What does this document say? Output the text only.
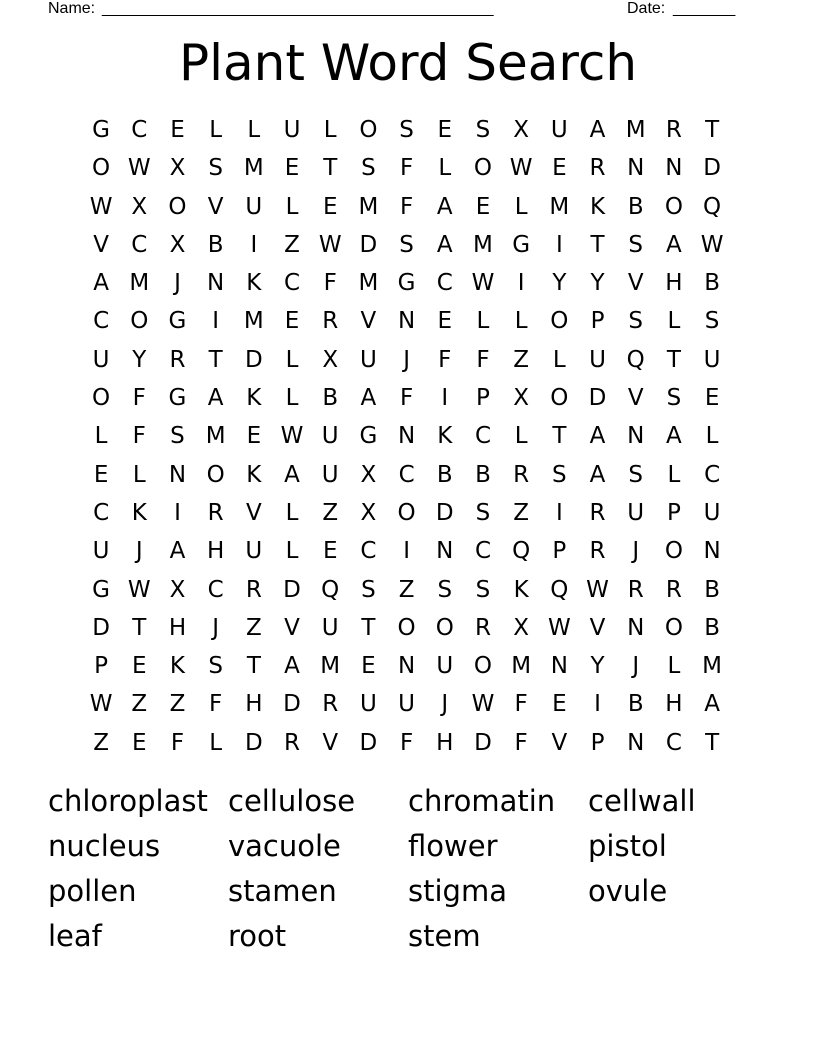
Name: ____________________________________________	Date: _______
Plant Word Search
G C E	L	L	U	L O S	E	S	X U A M R	T
O W X	S M E	T	S	F	L O W E R N N D
W X O V U	L	E M F	A	E	L M K B O Q
V C X B	I	Z W D S	A M G	I	T	S	A W
A M	J	N K C	F M G C W	I	Y	Y	V H B
C O G	I	M E R V N E	L	L O P	S	L	S
U Y	R	T D L	X U	J	F	F	Z	L	U Q T U
O F G A K	L	B A	F	I	P	X O D V	S	E
L	F	S M E W U G N K C	L	T	A N A	L
E	L	N O K A U X C B B R S	A	S	L	C
C K	I	R V	L	Z X O D S	Z	I	R U P U
U	J	A H U	L	E C	I	N C Q P	R	J	O N
G W X C R D Q S	Z	S	S	K Q W R R B
D T H	J	Z V U T O O R X W V N O B
P	E	K	S	T	A M E N U O M N Y	J	L M
W Z Z	F H D R U U	J	W F	E	I	B H A
Z	E	F	L D R V D F H D F	V	P N C	T
chloroplast cellulose	chromatin	cellwall
nucleus	vacuole	flower	pistol
pollen	stamen	stigma	ovule
leaf	root	stem
